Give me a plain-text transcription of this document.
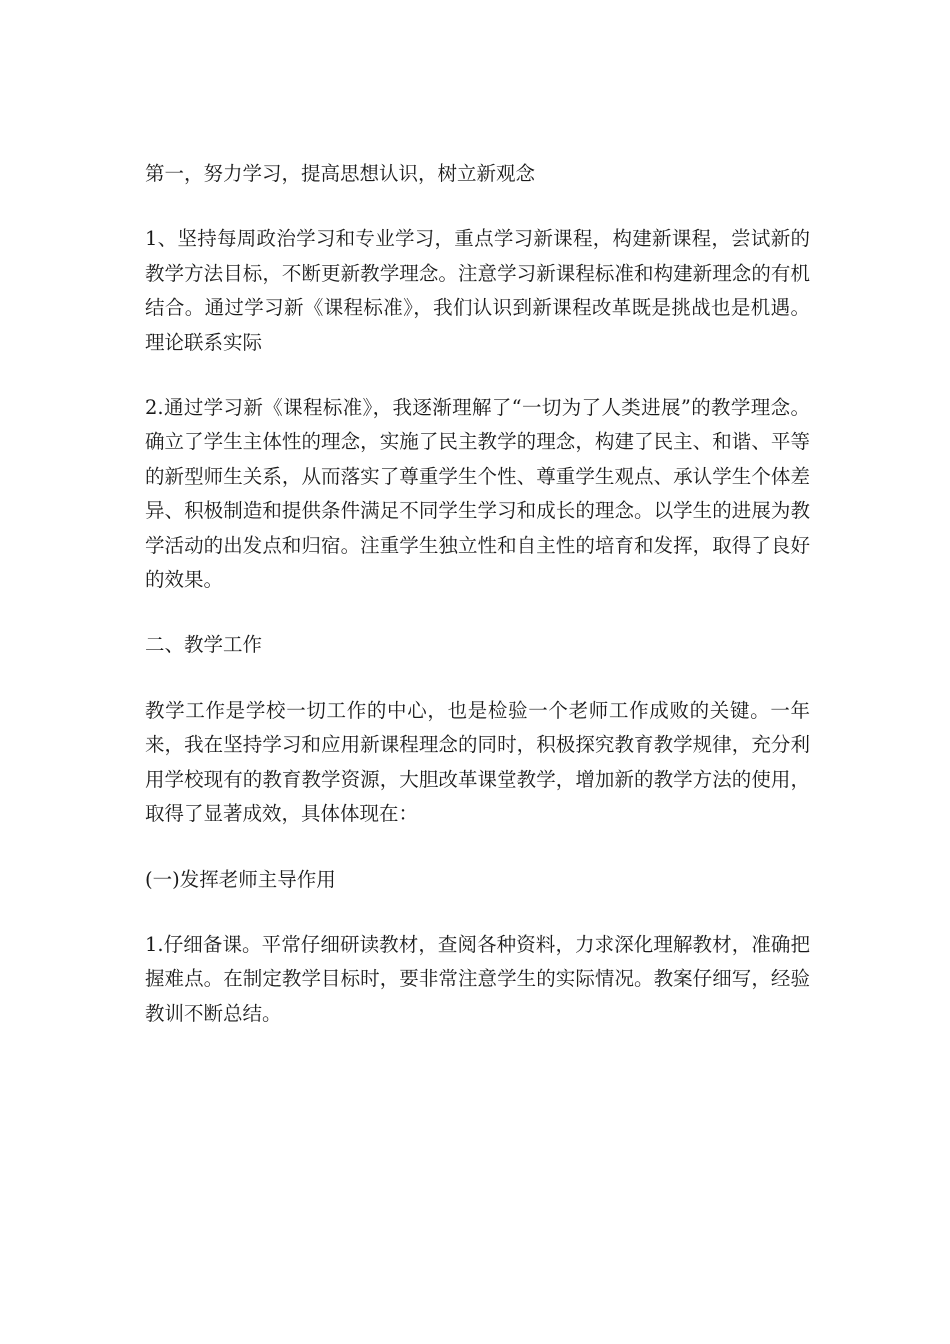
第一，努力学习，提高思想认识，树立新观念

1、坚持每周政治学习和专业学习，重点学习新课程，构建新课程，尝试新的教学方法目标，不断更新教学理念。注意学习新课程标准和构建新理念的有机结合。通过学习新《课程标准》，我们认识到新课程改革既是挑战也是机遇。理论联系实际

2.通过学习新《课程标准》，我逐渐理解了“一切为了人类进展”的教学理念。确立了学生主体性的理念，实施了民主教学的理念，构建了民主、和谐、平等的新型师生关系，从而落实了尊重学生个性、尊重学生观点、承认学生个体差异、积极制造和提供条件满足不同学生学习和成长的理念。以学生的进展为教学活动的出发点和归宿。注重学生独立性和自主性的培育和发挥，取得了良好的效果。

二、教学工作

教学工作是学校一切工作的中心，也是检验一个老师工作成败的关键。一年来，我在坚持学习和应用新课程理念的同时，积极探究教育教学规律，充分利用学校现有的教育教学资源，大胆改革课堂教学，增加新的教学方法的使用，取得了显著成效，具体体现在：

(一)发挥老师主导作用

1.仔细备课。平常仔细研读教材，查阅各种资料，力求深化理解教材，准确把握难点。在制定教学目标时，要非常注意学生的实际情况。教案仔细写，经验教训不断总结。
